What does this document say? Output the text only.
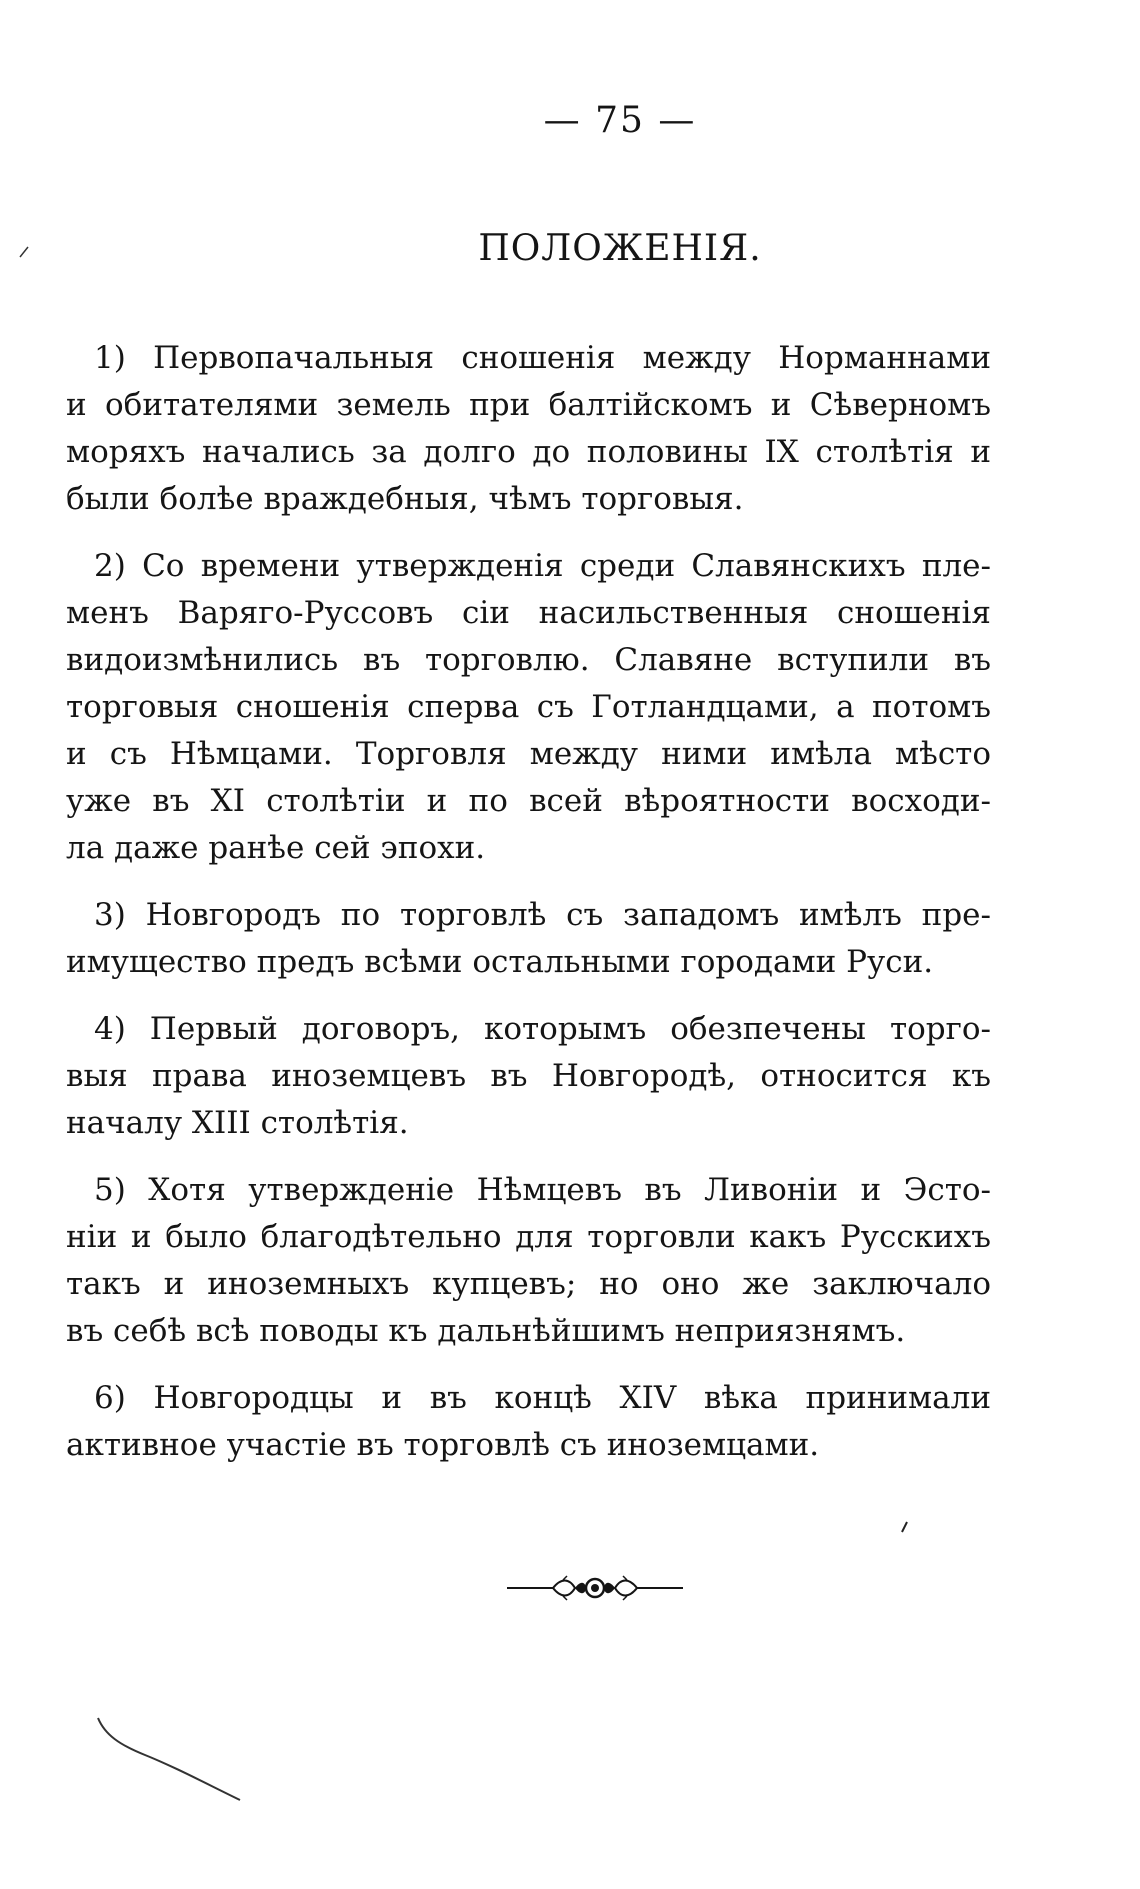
— 75 —
ПОЛОЖЕНІЯ.
1) Первопачальныя сношенія между Норманнами
и обитателями земель при балтійскомъ и Сѣверномъ
моряхъ начались за долго до половины IX столѣтія и
были болѣе враждебныя, чѣмъ торговыя.
2) Со времени утвержденія среди Славянскихъ пле-
менъ Варяго-Руссовъ сіи насильственныя сношенія
видоизмѣнились въ торговлю. Славяне вступили въ
торговыя сношенія сперва съ Готландцами, а потомъ
и съ Нѣмцами. Торговля между ними имѣла мѣсто
уже въ XI столѣтіи и по всей вѣроятности восходи-
ла даже ранѣе сей эпохи.
3) Новгородъ по торговлѣ съ западомъ имѣлъ пре-
имущество предъ всѣми остальными городами Руси.
4) Первый договоръ, которымъ обезпечены торго-
выя права иноземцевъ въ Новгородѣ, относится къ
началу XIII столѣтія.
5) Хотя утвержденіе Нѣмцевъ въ Ливоніи и Эсто-
ніи и было благодѣтельно для торговли какъ Русскихъ
такъ и иноземныхъ купцевъ; но оно же заключало
въ себѣ всѣ поводы къ дальнѣйшимъ неприязнямъ.
6) Новгородцы и въ концѣ XIV вѣка принимали
активное участіе въ торговлѣ съ иноземцами.
